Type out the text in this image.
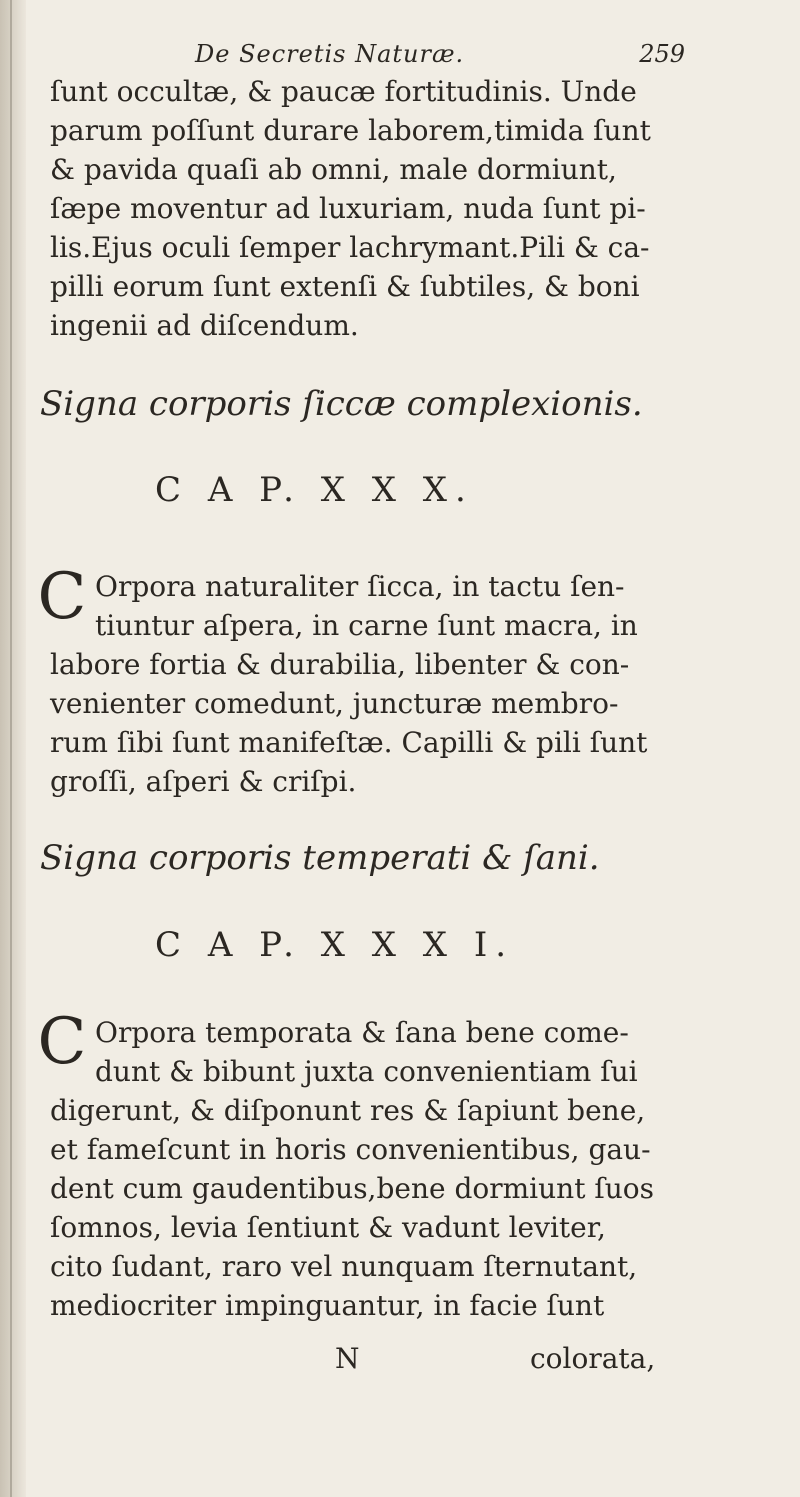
De Secretis Naturæ.	259
ſunt occultæ, & paucæ fortitudinis. Unde
parum poſſunt durare laborem,timida ſunt
& pavida quaſi ab omni, male dormiunt,
ſæpe moventur ad luxuriam, nuda ſunt pi-
lis.Ejus oculi ſemper lachrymant.Pili & ca-
pilli eorum ſunt extenſi & ſubtiles, & boni
ingenii ad diſcendum.
Signa corporis ſiccæ complexionis.
C A P. X X X.
C Orpora naturaliter ſicca, in tactu ſen-
tiuntur aſpera, in carne ſunt macra, in
labore fortia & durabilia, libenter & con-
venienter comedunt, juncturæ membro-
rum ſibi ſunt manifeſtæ. Capilli & pili ſunt
groſſi, aſperi & criſpi.
Signa corporis temperati & ſani.
C A P. X X X I.
C Orpora temporata & ſana bene come-
dunt & bibunt juxta convenientiam ſui
digerunt, & diſponunt res & ſapiunt bene,
et fameſcunt in horis convenientibus, gau-
dent cum gaudentibus,bene dormiunt ſuos
ſomnos, levia ſentiunt & vadunt leviter,
cito ſudant, raro vel nunquam ſternutant,
mediocriter impinguantur, in facie ſunt
N	colorata,
